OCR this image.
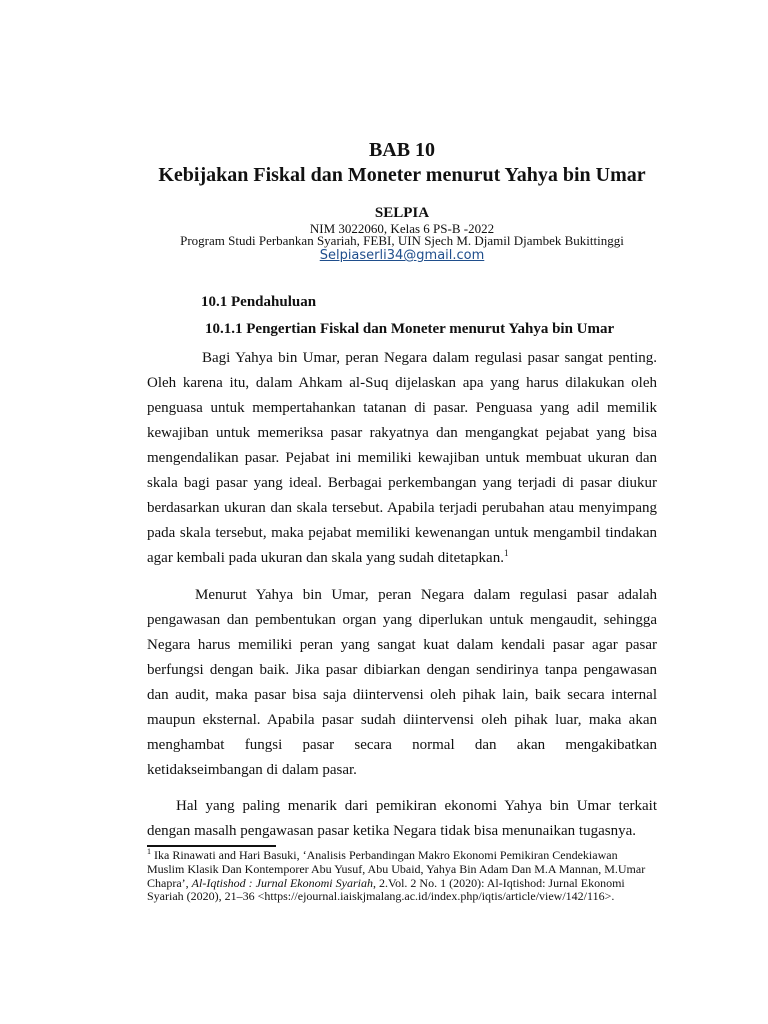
BAB 10
Kebijakan Fiskal dan Moneter menurut Yahya bin Umar
SELPIA
NIM 3022060, Kelas 6 PS-B -2022
Program Studi Perbankan Syariah, FEBI, UIN Sjech M. Djamil Djambek Bukittinggi
Selpiaserli34@gmail.com
10.1 Pendahuluan
10.1.1 Pengertian Fiskal dan Moneter menurut Yahya bin Umar

Bagi Yahya bin Umar, peran Negara dalam regulasi pasar sangat penting. Oleh karena itu, dalam Ahkam al-Suq dijelaskan apa yang harus dilakukan oleh penguasa untuk mempertahankan tatanan di pasar. Penguasa yang adil memilik kewajiban untuk memeriksa pasar rakyatnya dan mengangkat pejabat yang bisa mengendalikan pasar. Pejabat ini memiliki kewajiban untuk membuat ukuran dan skala bagi pasar yang ideal. Berbagai perkembangan yang terjadi di pasar diukur berdasarkan ukuran dan skala tersebut. Apabila terjadi perubahan atau menyimpang pada skala tersebut, maka pejabat memiliki kewenangan untuk mengambil tindakan agar kembali pada ukuran dan skala yang sudah ditetapkan.$^1$

Menurut Yahya bin Umar, peran Negara dalam regulasi pasar adalah pengawasan dan pembentukan organ yang diperlukan untuk mengaudit, sehingga Negara harus memiliki peran yang sangat kuat dalam kendali pasar agar pasar berfungsi dengan baik. Jika pasar dibiarkan dengan sendirinya tanpa pengawasan dan audit, maka pasar bisa saja diintervensi oleh pihak lain, baik secara internal maupun eksternal. Apabila pasar sudah diintervensi oleh pihak luar, maka akan menghambat fungsi pasar secara normal dan akan mengakibatkan ketidakseimbangan di dalam pasar.

Hal yang paling menarik dari pemikiran ekonomi Yahya bin Umar terkait dengan masalh pengawasan pasar ketika Negara tidak bisa menunaikan tugasnya.

$^1$ Ika Rinawati and Hari Basuki, ‘Analisis Perbandingan Makro Ekonomi Pemikiran Cendekiawan Muslim Klasik Dan Kontemporer Abu Yusuf, Abu Ubaid, Yahya Bin Adam Dan M.A Mannan, M.Umar Chapra’, Al-Iqtishod : Jurnal Ekonomi Syariah, 2.Vol. 2 No. 1 (2020): Al-Iqtishod: Jurnal Ekonomi Syariah (2020), 21–36 <https://ejournal.iaiskjmalang.ac.id/index.php/iqtis/article/view/142/116>.
